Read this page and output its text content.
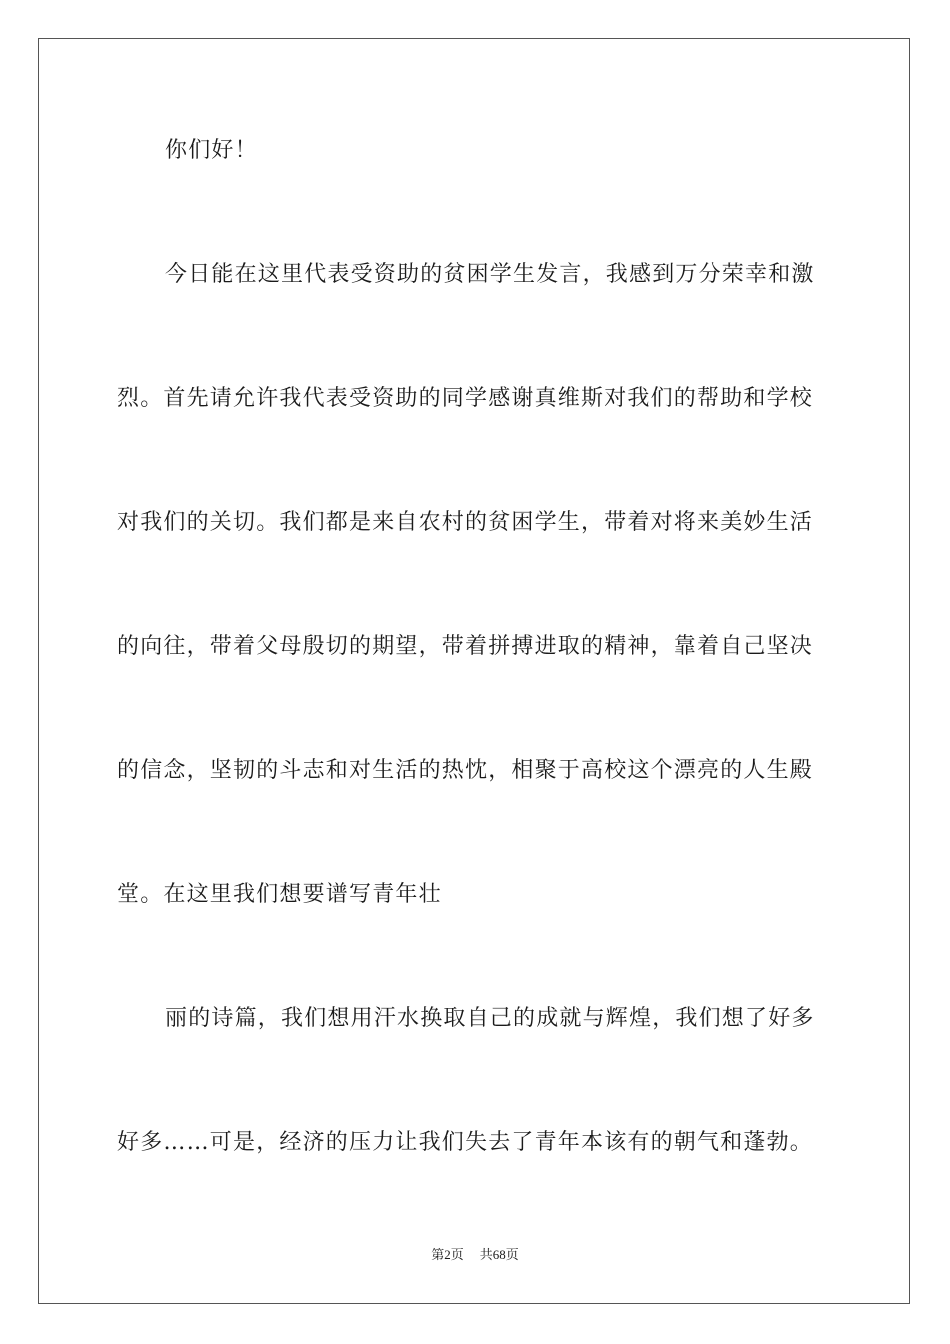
你们好！
今日能在这里代表受资助的贫困学生发言，我感到万分荣幸和激
烈。首先请允许我代表受资助的同学感谢真维斯对我们的帮助和学校
对我们的关切。我们都是来自农村的贫困学生，带着对将来美妙生活
的向往，带着父母殷切的期望，带着拼搏进取的精神，靠着自己坚决
的信念，坚韧的斗志和对生活的热忱，相聚于高校这个漂亮的人生殿
堂。在这里我们想要谱写青年壮
丽的诗篇，我们想用汗水换取自己的成就与辉煌，我们想了好多
好多……可是，经济的压力让我们失去了青年本该有的朝气和蓬勃。
第2页 共68页
